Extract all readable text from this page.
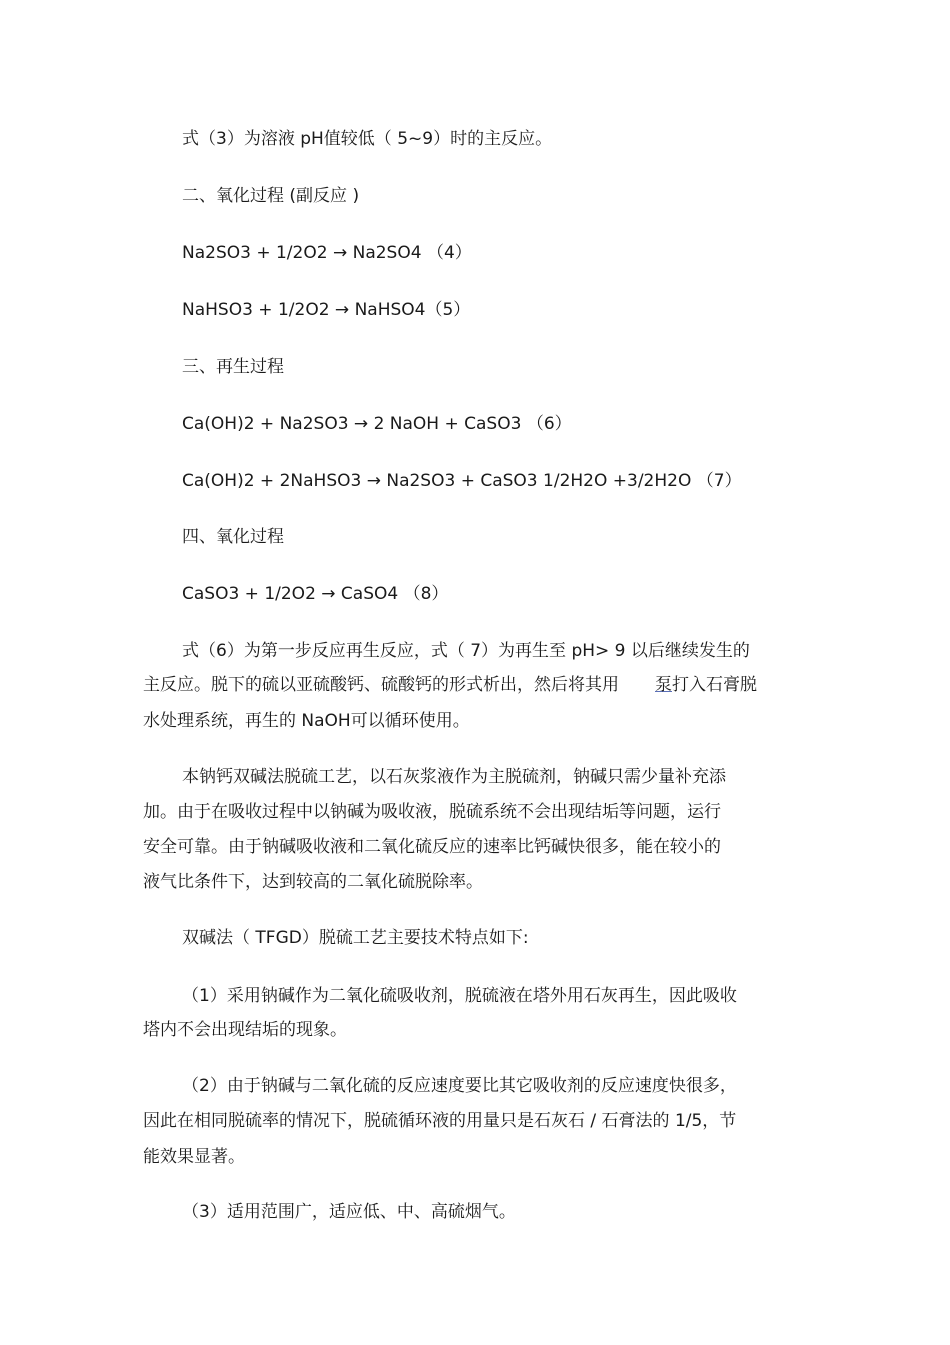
式（3）为溶液 pH值较低（ 5~9）时的主反应。
二、氧化过程 (副反应 )
Na2SO3 + 1/2O2 → Na2SO4 （4）
NaHSO3 + 1/2O2 → NaHSO4（5）
三、再生过程
Ca(OH)2 + Na2SO3 → 2 NaOH + CaSO3 （6）
Ca(OH)2 + 2NaHSO3 → Na2SO3 + CaSO3 1/2H2O +3/2H2O （7）
四、氧化过程
CaSO3 + 1/2O2 → CaSO4 （8）
式（6）为第一步反应再生反应，式（ 7）为再生至 pH> 9 以后继续发生的
主反应。脱下的硫以亚硫酸钙、硫酸钙的形式析出，然后将其用 泵打入石膏脱
水处理系统，再生的 NaOH可以循环使用。
本钠钙双碱法脱硫工艺，以石灰浆液作为主脱硫剂，钠碱只需少量补充添
加。由于在吸收过程中以钠碱为吸收液，脱硫系统不会出现结垢等问题，运行
安全可靠。由于钠碱吸收液和二氧化硫反应的速率比钙碱快很多，能在较小的
液气比条件下，达到较高的二氧化硫脱除率。
双碱法（ TFGD）脱硫工艺主要技术特点如下:
（1）采用钠碱作为二氧化硫吸收剂，脱硫液在塔外用石灰再生，因此吸收
塔内不会出现结垢的现象。
（2）由于钠碱与二氧化硫的反应速度要比其它吸收剂的反应速度快很多，
因此在相同脱硫率的情况下，脱硫循环液的用量只是石灰石 / 石膏法的 1/5，节
能效果显著。
（3）适用范围广，适应低、中、高硫烟气。
